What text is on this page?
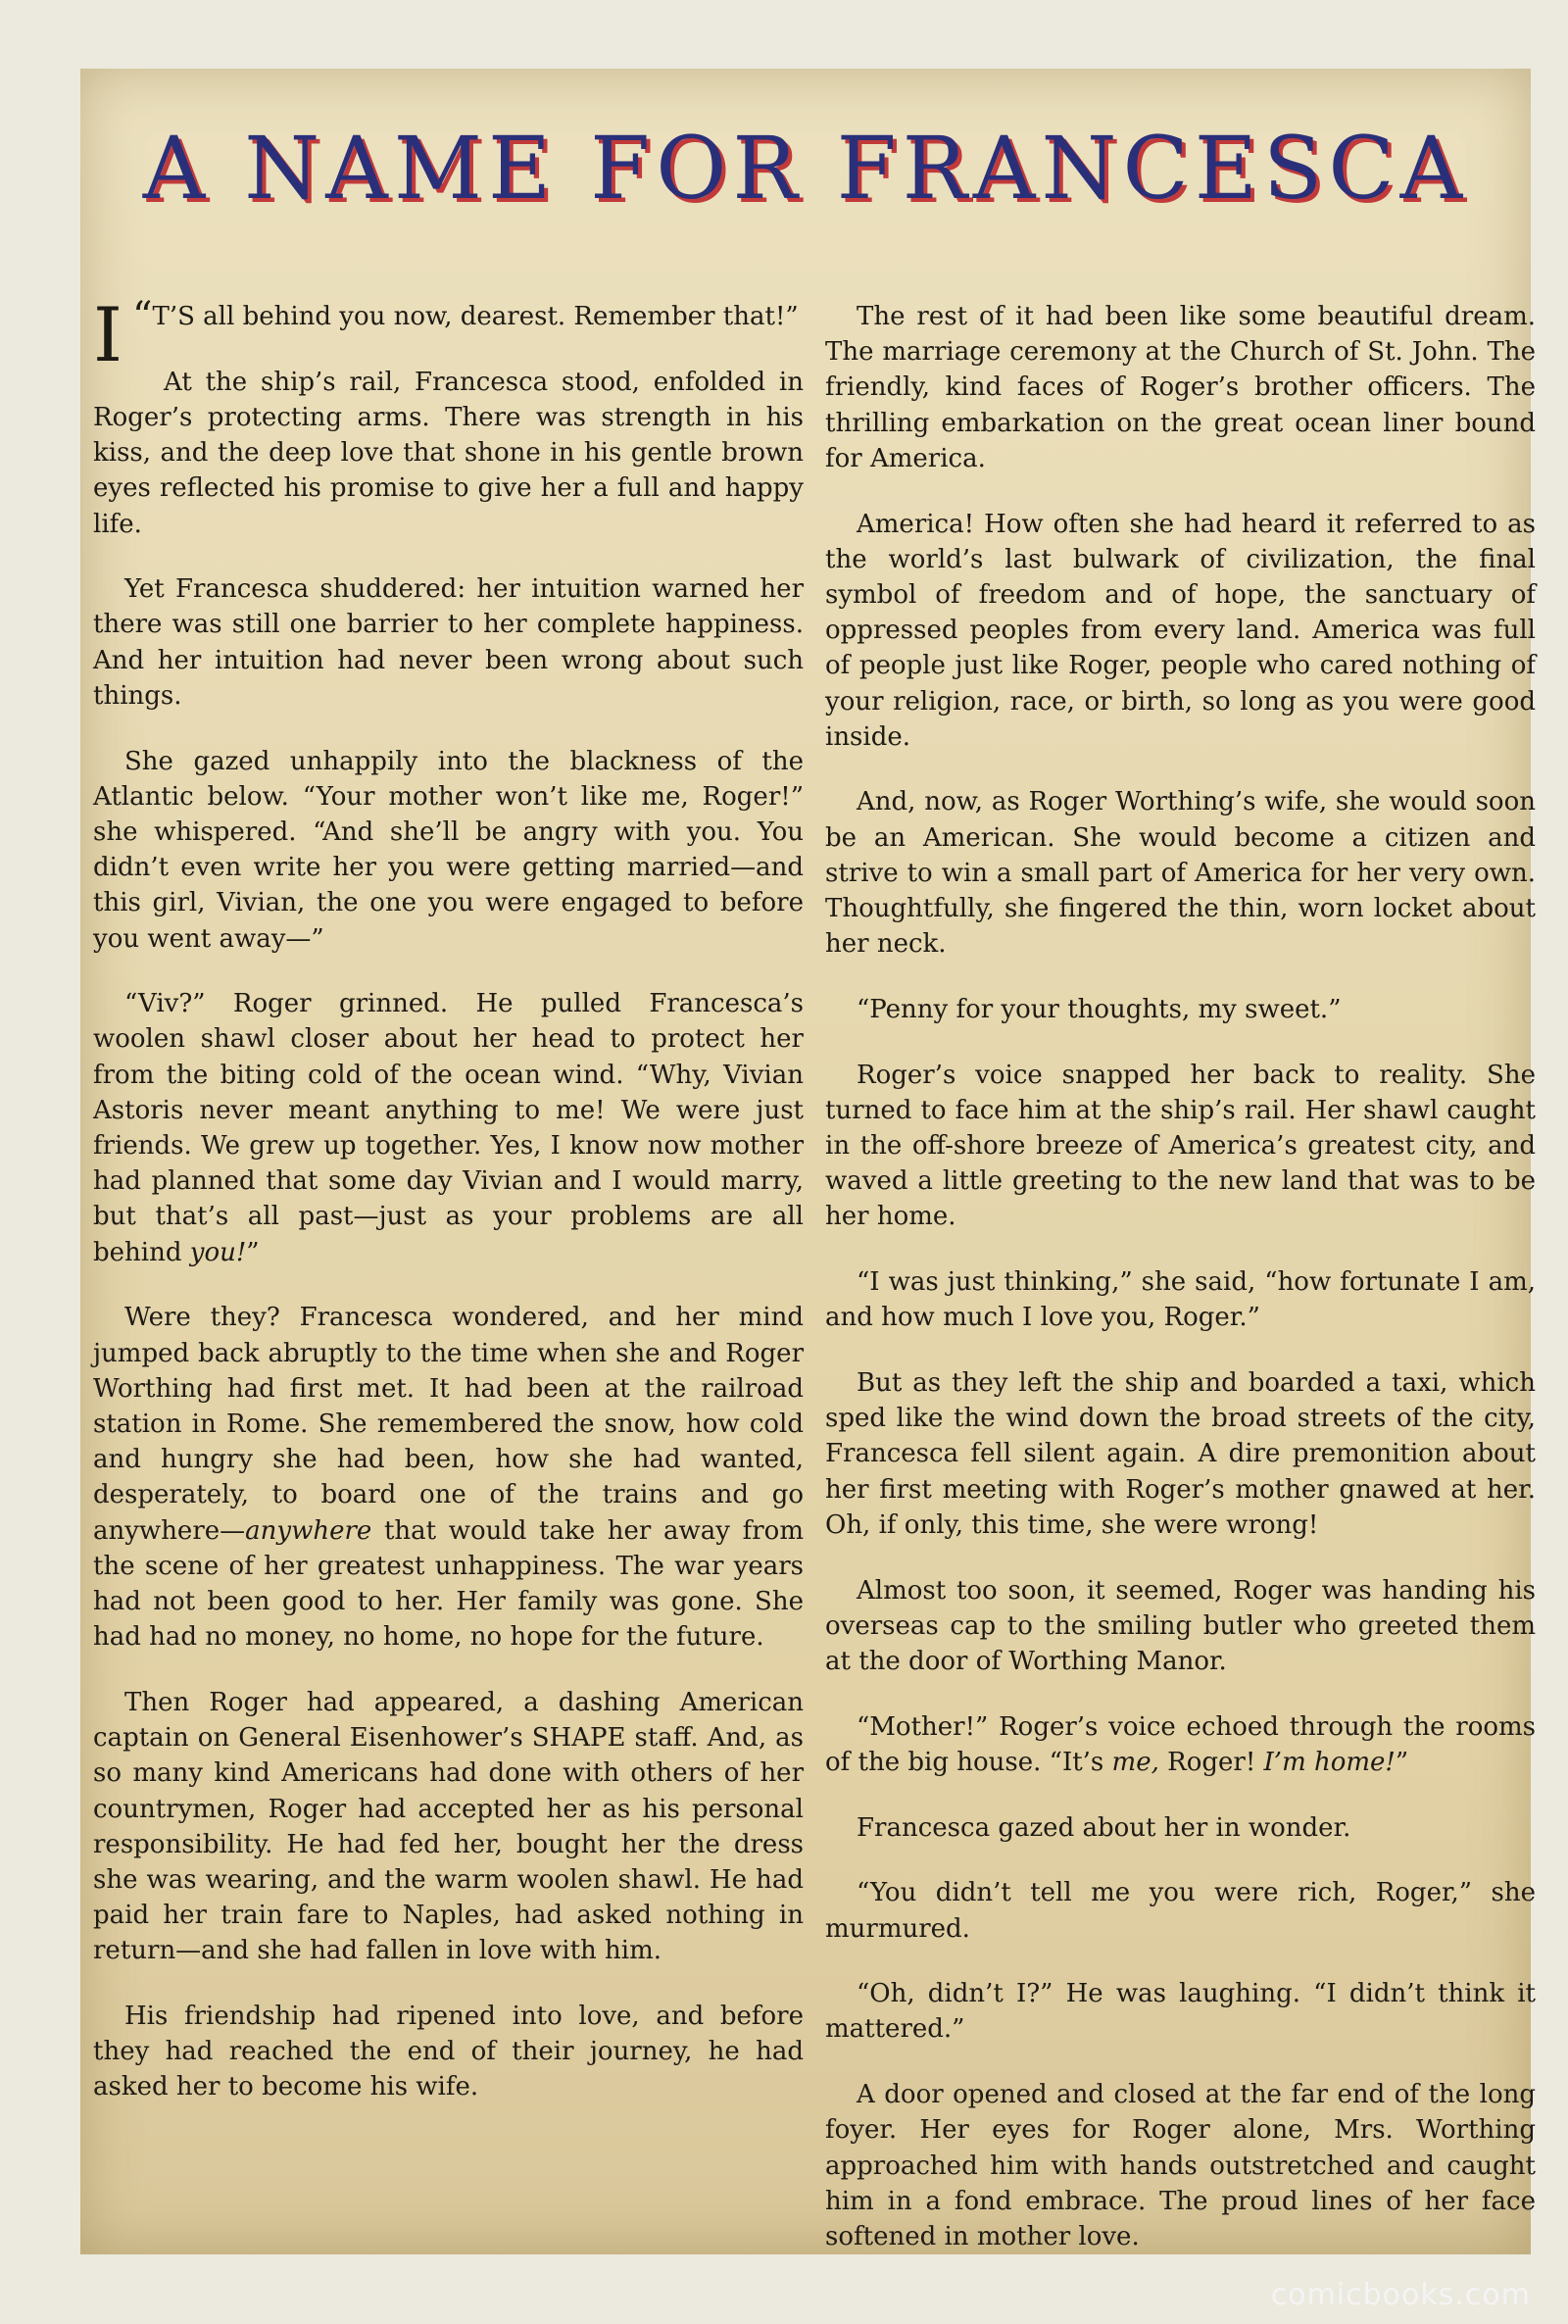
A NAME FOR FRANCESCA

“
I T’S all behind you now, dearest. Remember that!”

At the ship’s rail, Francesca stood, enfolded in Roger’s protecting arms. There was strength in his kiss, and the deep love that shone in his gentle brown eyes reflected his promise to give her a full and happy life.

Yet Francesca shuddered: her intuition warned her there was still one barrier to her complete happiness. And her intuition had never been wrong about such things.

She gazed unhappily into the blackness of the Atlantic below. “Your mother won’t like me, Roger!” she whispered. “And she’ll be angry with you. You didn’t even write her you were getting married—and this girl, Vivian, the one you were engaged to before you went away—”

“Viv?” Roger grinned. He pulled Francesca’s woolen shawl closer about her head to protect her from the biting cold of the ocean wind. “Why, Vivian Astoris never meant anything to me! We were just friends. We grew up together. Yes, I know now mother had planned that some day Vivian and I would marry, but that’s all past—just as your problems are all behind you!”

Were they? Francesca wondered, and her mind jumped back abruptly to the time when she and Roger Worthing had first met. It had been at the railroad station in Rome. She remembered the snow, how cold and hungry she had been, how she had wanted, desperately, to board one of the trains and go anywhere—anywhere that would take her away from the scene of her greatest unhappiness. The war years had not been good to her. Her family was gone. She had had no money, no home, no hope for the future.

Then Roger had appeared, a dashing American captain on General Eisenhower’s SHAPE staff. And, as so many kind Americans had done with others of her countrymen, Roger had accepted her as his personal responsibility. He had fed her, bought her the dress she was wearing, and the warm woolen shawl. He had paid her train fare to Naples, had asked nothing in return—and she had fallen in love with him.

His friendship had ripened into love, and before they had reached the end of their journey, he had asked her to become his wife.

The rest of it had been like some beautiful dream. The marriage ceremony at the Church of St. John. The friendly, kind faces of Roger’s brother officers. The thrilling embarkation on the great ocean liner bound for America.

America! How often she had heard it referred to as the world’s last bulwark of civilization, the final symbol of freedom and of hope, the sanctuary of oppressed peoples from every land. America was full of people just like Roger, people who cared nothing of your religion, race, or birth, so long as you were good inside.

And, now, as Roger Worthing’s wife, she would soon be an American. She would become a citizen and strive to win a small part of America for her very own. Thoughtfully, she fingered the thin, worn locket about her neck.

“Penny for your thoughts, my sweet.”

Roger’s voice snapped her back to reality. She turned to face him at the ship’s rail. Her shawl caught in the off-shore breeze of America’s greatest city, and waved a little greeting to the new land that was to be her home.

“I was just thinking,” she said, “how fortunate I am, and how much I love you, Roger.”

But as they left the ship and boarded a taxi, which sped like the wind down the broad streets of the city, Francesca fell silent again. A dire premonition about her first meeting with Roger’s mother gnawed at her. Oh, if only, this time, she were wrong!

Almost too soon, it seemed, Roger was handing his overseas cap to the smiling butler who greeted them at the door of Worthing Manor.

“Mother!” Roger’s voice echoed through the rooms of the big house. “It’s me, Roger! I’m home!”

Francesca gazed about her in wonder.

“You didn’t tell me you were rich, Roger,” she murmured.

“Oh, didn’t I?” He was laughing. “I didn’t think it mattered.”

A door opened and closed at the far end of the long foyer. Her eyes for Roger alone, Mrs. Worthing approached him with hands outstretched and caught him in a fond embrace. The proud lines of her face softened in mother love.

comicbooks.com
